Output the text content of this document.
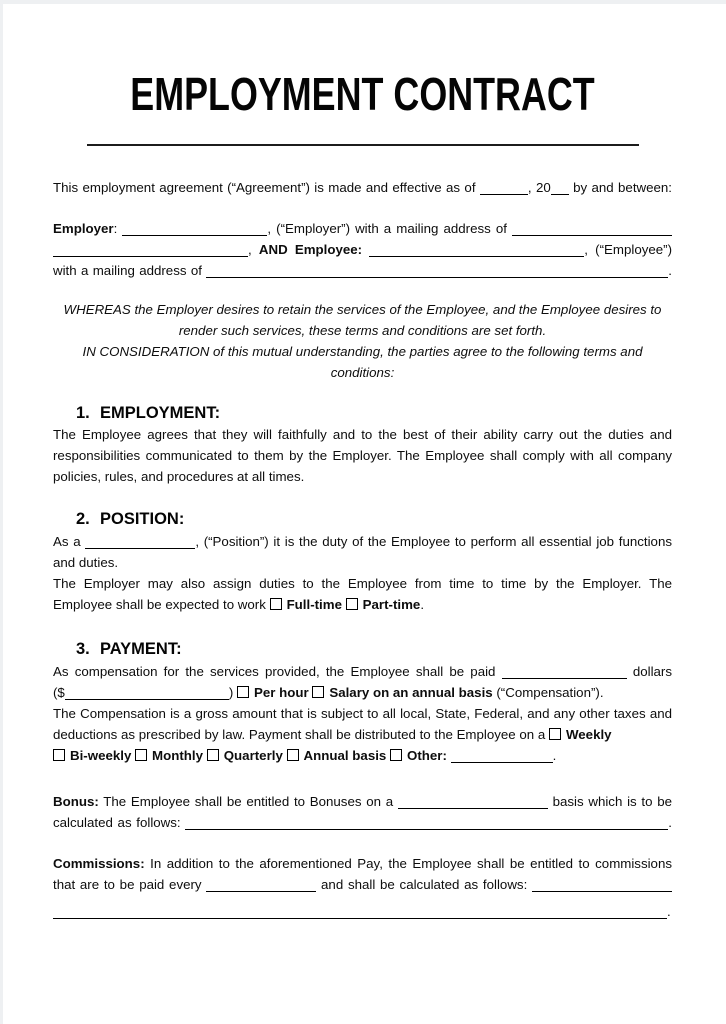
EMPLOYMENT CONTRACT
This employment agreement (“Agreement”) is made and effective as of	, 20 by and between:
Employer:	, (“Employer”) with a mailing address of
, AND Employee:	, (“Employee”)
with a mailing address of	.
WHEREAS the Employer desires to retain the services of the Employee, and the Employee desires to
render such services, these terms and conditions are set forth.
IN CONSIDERATION of this mutual understanding, the parties agree to the following terms and
conditions:
1. EMPLOYMENT:
The Employee agrees that they will faithfully and to the best of their ability carry out the duties and
responsibilities communicated to them by the Employer. The Employee shall comply with all company
policies, rules, and procedures at all times.
2. POSITION:
As a	, (“Position”) it is the duty of the Employee to perform all essential job functions
and duties.
The Employer may also assign duties to the Employee from time to time by the Employer. The
Employee shall be expected to work Full-time Part-time.
3. PAYMENT:
As compensation for the services provided, the Employee shall be paid	dollars
($	) Per hour Salary on an annual basis (“Compensation”).
The Compensation is a gross amount that is subject to all local, State, Federal, and any other taxes and
deductions as prescribed by law. Payment shall be distributed to the Employee on a Weekly
Bi-weekly Monthly Quarterly Annual basis Other:	.
Bonus: The Employee shall be entitled to Bonuses on a	basis which is to be
calculated as follows:	.
Commissions: In addition to the aforementioned Pay, the Employee shall be entitled to commissions
that are to be paid every	and shall be calculated as follows:
.
